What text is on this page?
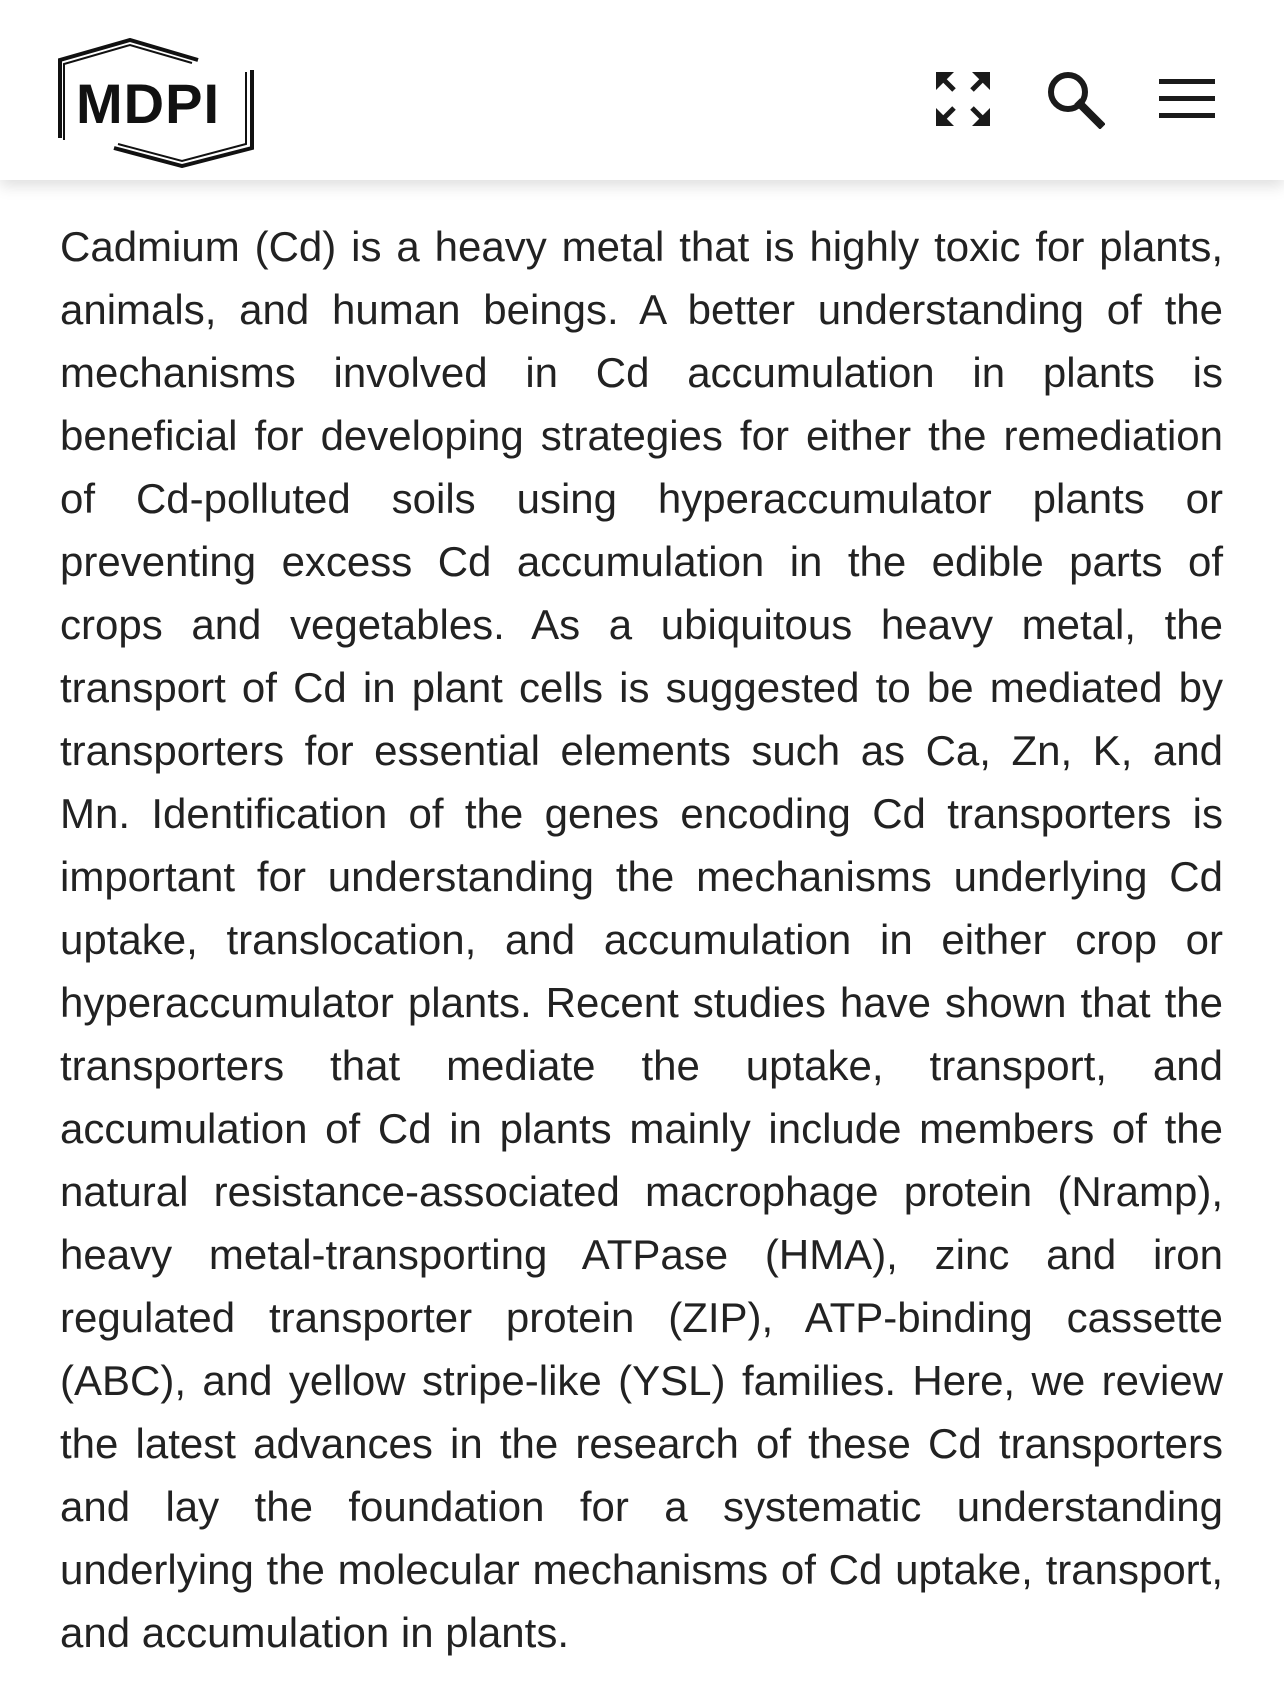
MDPI

Cadmium (Cd) is a heavy metal that is highly toxic for plants, animals, and human beings. A better understanding of the mechanisms involved in Cd accumulation in plants is beneficial for developing strategies for either the remediation of Cd-polluted soils using hyperaccumulator plants or preventing excess Cd accumulation in the edible parts of crops and vegetables. As a ubiquitous heavy metal, the transport of Cd in plant cells is suggested to be mediated by transporters for essential elements such as Ca, Zn, K, and Mn. Identification of the genes encoding Cd transporters is important for understanding the mechanisms underlying Cd uptake, translocation, and accumulation in either crop or hyperaccumulator plants. Recent studies have shown that the transporters that mediate the uptake, transport, and accumulation of Cd in plants mainly include members of the natural resistance-associated macrophage protein (Nramp), heavy metal-transporting ATPase (HMA), zinc and iron regulated transporter protein (ZIP), ATP-binding cassette (ABC), and yellow stripe-like (YSL) families. Here, we review the latest advances in the research of these Cd transporters and lay the foundation for a systematic understanding underlying the molecular mechanisms of Cd uptake, transport, and accumulation in plants.
